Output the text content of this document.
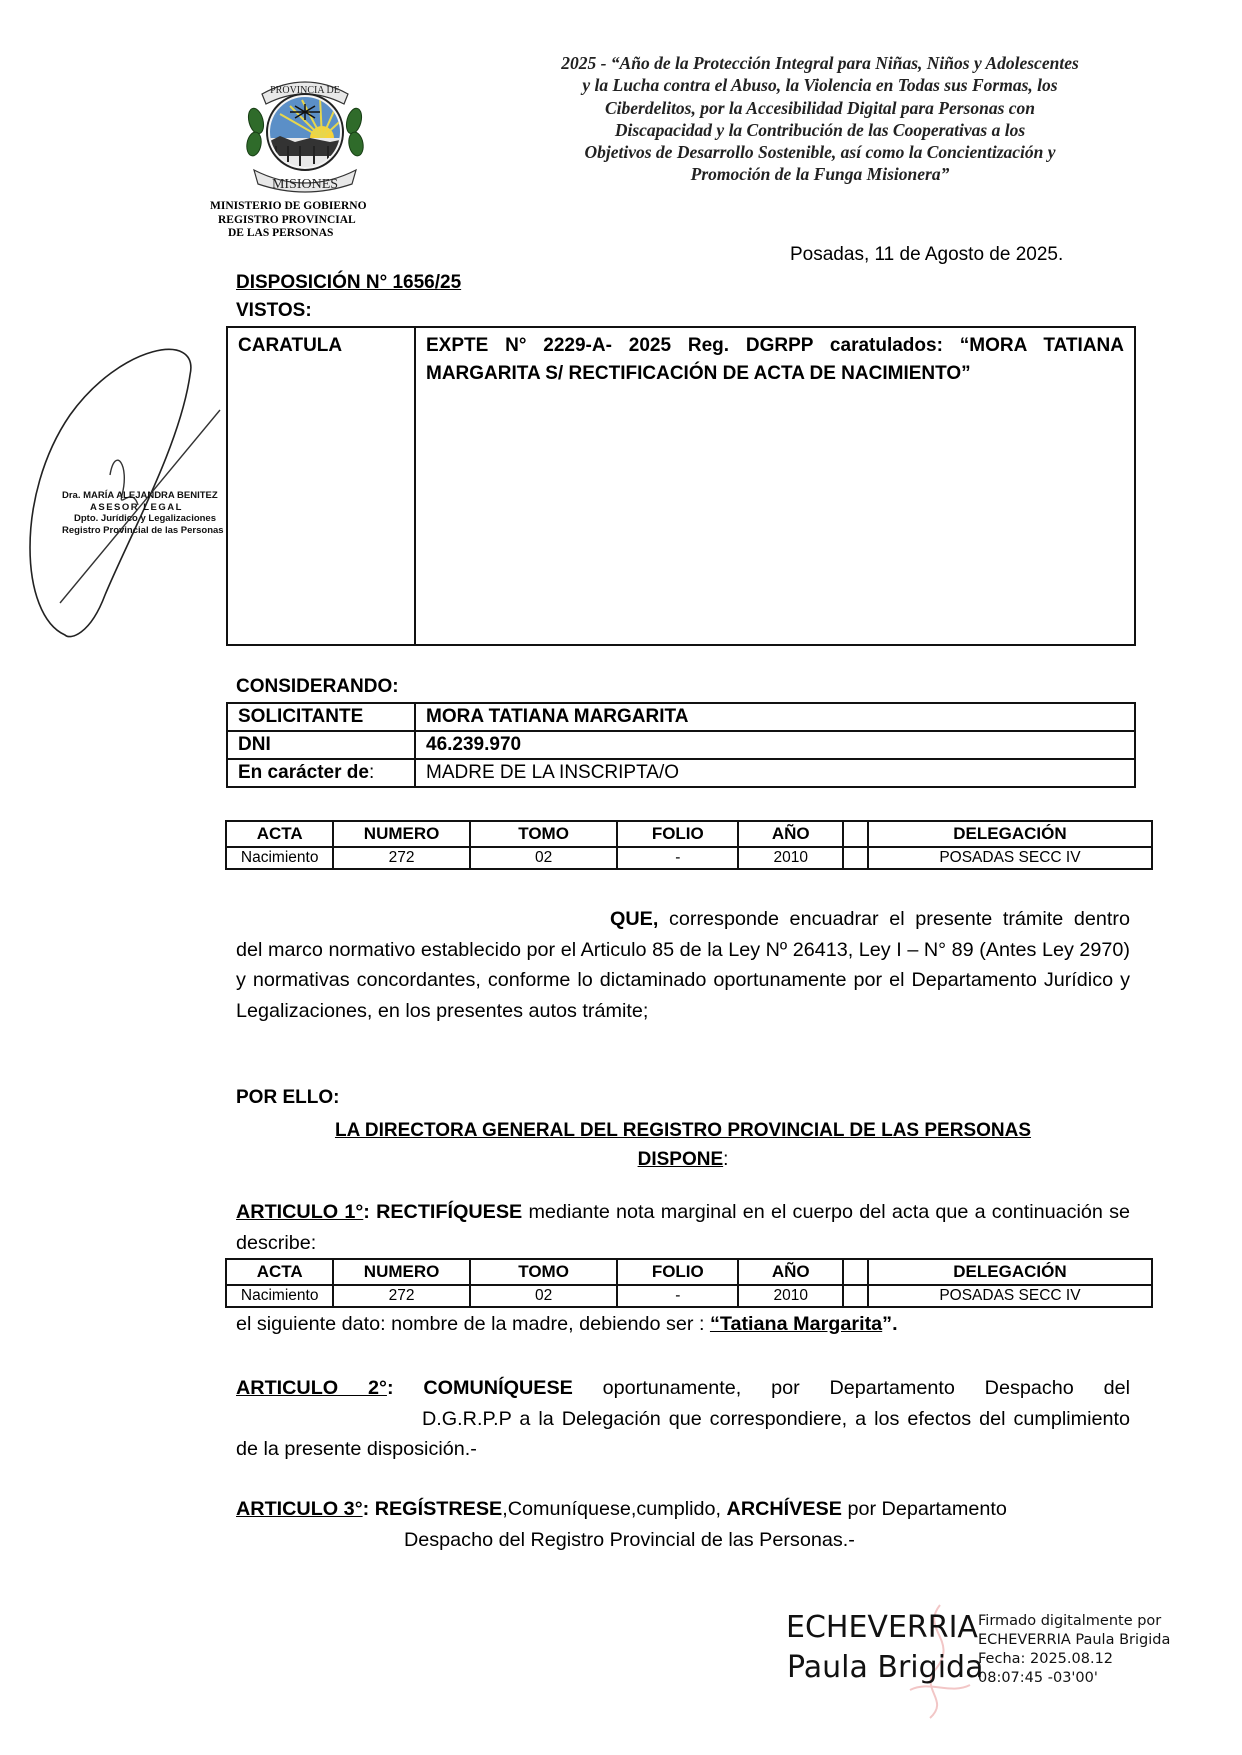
2025 - “Año de la Protección Integral para Niñas, Niños y Adolescentes
y la Lucha contra el Abuso, la Violencia en Todas sus Formas, los
Ciberdelitos, por la Accesibilidad Digital para Personas con
Discapacidad y la Contribución de las Cooperativas a los
Objetivos de Desarrollo Sostenible, así como la Concientización y
Promoción de la Funga Misionera”
MISIONES
PROVINCIA DE
MINISTERIO DE GOBIERNO
REGISTRO PROVINCIAL
DE LAS PERSONAS
Dra. MARÍA ALEJANDRA BENITEZ
ASESOR LEGAL
Dpto. Jurídico y Legalizaciones
Registro Provincial de las Personas
Posadas, 11 de Agosto de 2025.
DISPOSICIÓN N° 1656/25
VISTOS:
CARATULA	EXPTE N° 2229-A- 2025 Reg. DGRPP caratulados: “MORA TATIANA MARGARITA S/ RECTIFICACIÓN DE ACTA DE NACIMIENTO”
CONSIDERANDO:
SOLICITANTE	MORA TATIANA MARGARITA
DNI	46.239.970
En carácter de:	MADRE DE LA INSCRIPTA/O
ACTA	NUMERO	TOMO	FOLIO	AÑO		DELEGACIÓN
Nacimiento	272	02	-	2010		POSADAS SECC IV
QUE, corresponde encuadrar el presente trámite dentro del marco normativo establecido por el Articulo 85 de la Ley Nº 26413, Ley I – N° 89 (Antes Ley 2970) y normativas concordantes, conforme lo dictaminado oportunamente por el Departamento Jurídico y Legalizaciones, en los presentes autos trámite;
POR ELLO:
LA DIRECTORA GENERAL DEL REGISTRO PROVINCIAL DE LAS PERSONAS
DISPONE:
ARTICULO 1°: RECTIFÍQUESE mediante nota marginal en el cuerpo del acta que a continuación se describe:
ACTA	NUMERO	TOMO	FOLIO	AÑO		DELEGACIÓN
Nacimiento	272	02	-	2010		POSADAS SECC IV
el siguiente dato: nombre de la madre, debiendo ser : “Tatiana Margarita”.
ARTICULO 2°: COMUNÍQUESE oportunamente, por Departamento Despacho del D.G.R.P.P a la Delegación que correspondiere, a los efectos del cumplimiento de la presente disposición.-
ARTICULO 3°: REGÍSTRESE,Comuníquese,cumplido, ARCHÍVESE por Departamento
Despacho del Registro Provincial de las Personas.-
ECHEVERRIA
Paula Brigida
Firmado digitalmente por
ECHEVERRIA Paula Brigida
Fecha: 2025.08.12
08:07:45 -03'00'
